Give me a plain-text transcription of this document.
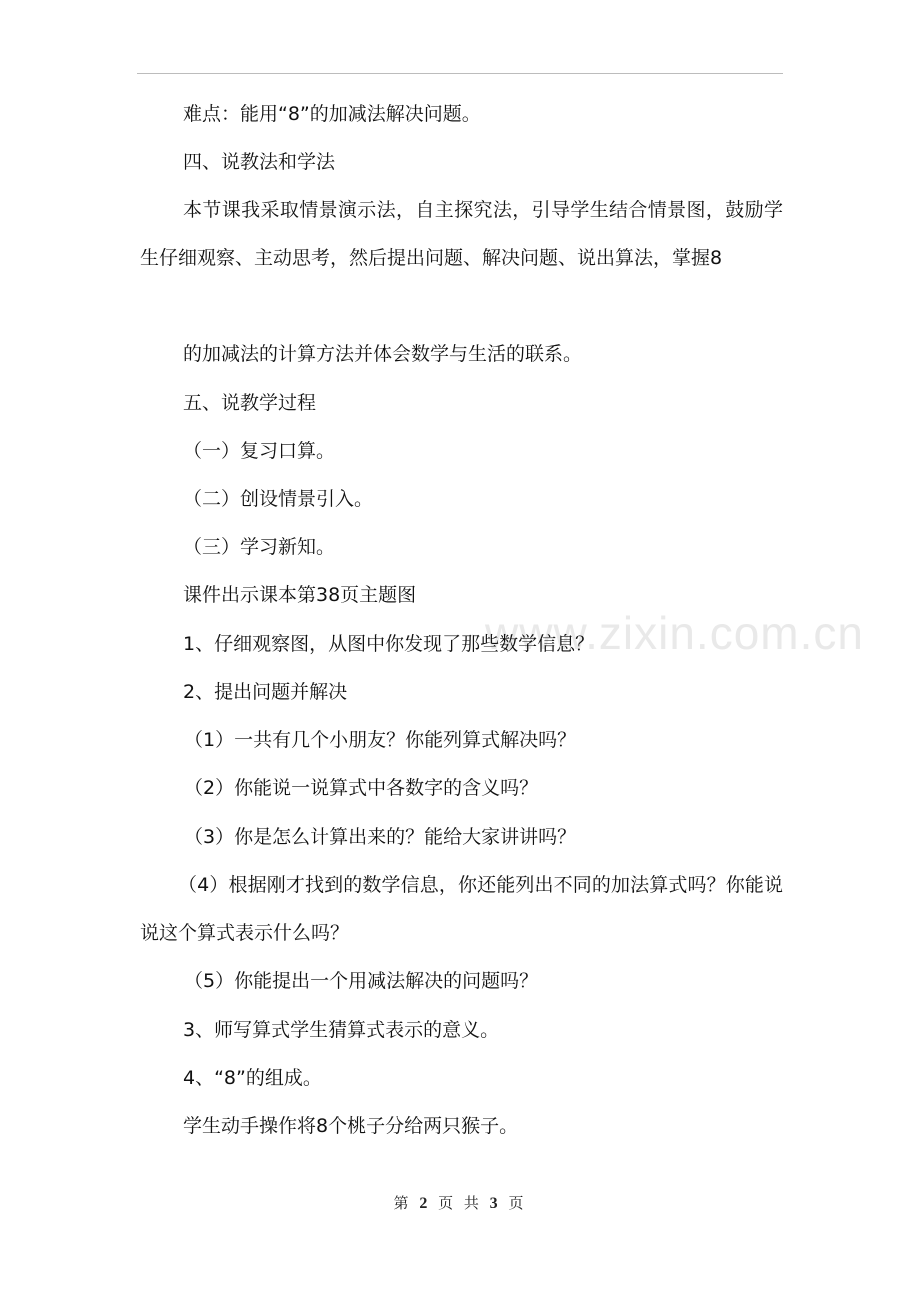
www.zixin.com.cn

难点：能用“8”的加减法解决问题。

四、说教法和学法

本节课我采取情景演示法，自主探究法，引导学生结合情景图，鼓励学生仔细观察、主动思考，然后提出问题、解决问题、说出算法，掌握8

的加减法的计算方法并体会数学与生活的联系。

五、说教学过程

（一）复习口算。

（二）创设情景引入。

（三）学习新知。

课件出示课本第38页主题图

1、仔细观察图，从图中你发现了那些数学信息？

2、提出问题并解决

（1）一共有几个小朋友？你能列算式解决吗？

（2）你能说一说算式中各数字的含义吗？

（3）你是怎么计算出来的？能给大家讲讲吗？

（4）根据刚才找到的数学信息，你还能列出不同的加法算式吗？你能说说这个算式表示什么吗？

（5）你能提出一个用减法解决的问题吗？

3、师写算式学生猜算式表示的意义。

4、“8”的组成。

学生动手操作将8个桃子分给两只猴子。

第 2 页 共 3 页
